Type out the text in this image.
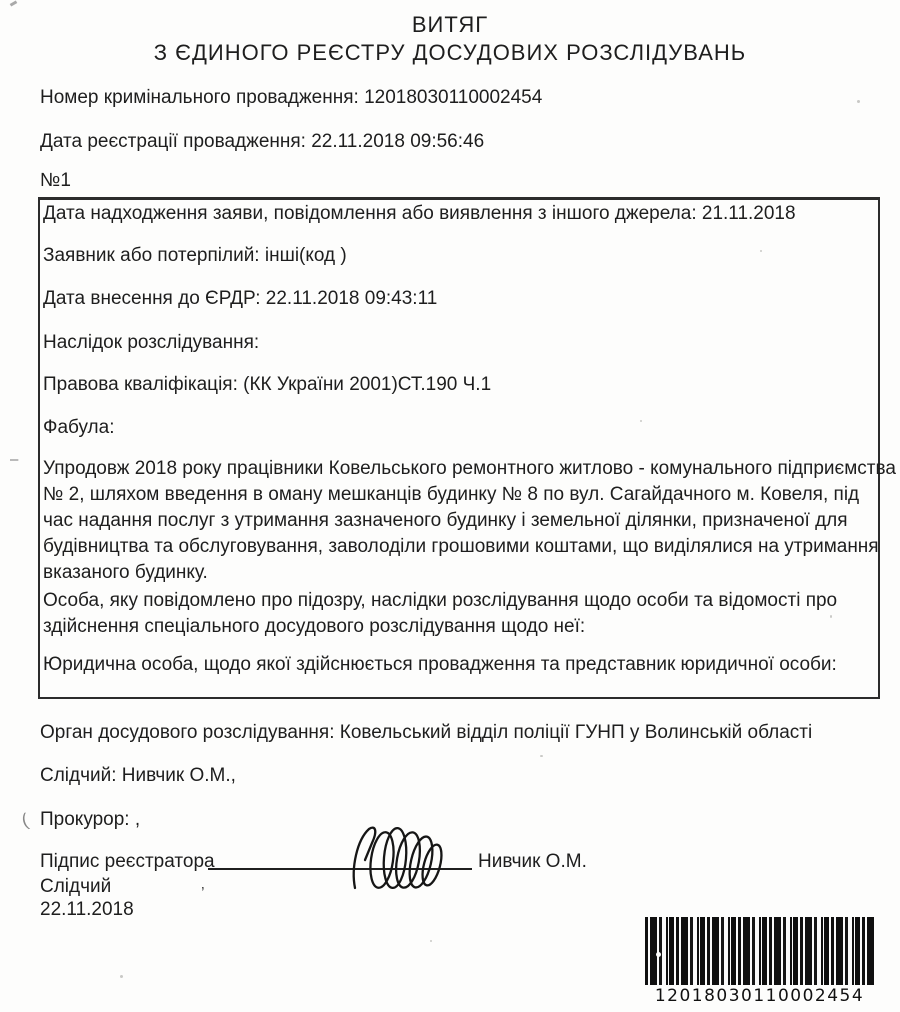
ВИТЯГ
З ЄДИНОГО РЕЄСТРУ ДОСУДОВИХ РОЗСЛІДУВАНЬ
Номер кримінального провадження: 12018030110002454
Дата реєстрації провадження: 22.11.2018 09:56:46
№1
Дата надходження заяви, повідомлення або виявлення з іншого джерела: 21.11.2018
Заявник або потерпілий: інші(код )
Дата внесення до ЄРДР: 22.11.2018 09:43:11
Наслідок розслідування:
Правова кваліфікація: (КК України 2001)СТ.190 Ч.1
Фабула:
Упродовж 2018 року працівники Ковельського ремонтного житлово - комунального підприємства
№ 2, шляхом введення в оману мешканців будинку № 8 по вул. Сагайдачного м. Ковеля, під
час надання послуг з утримання зазначеного будинку і земельної ділянки, призначеної для
будівництва та обслуговування, заволоділи грошовими коштами, що виділялися на утримання
вказаного будинку.
Особа, яку повідомлено про підозру, наслідки розслідування щодо особи та відомості про
здійснення спеціального досудового розслідування щодо неї:
Юридична особа, щодо якої здійснюється провадження та представник юридичної особи:
Орган досудового розслідування: Ковельський відділ поліції ГУНП у Волинській області
Слідчий: Нивчик О.М.,
Прокурор: ,
Підпис реєстратора	Нивчик О.М.
Слідчий
22.11.2018
12018030110002454
–
(
’
